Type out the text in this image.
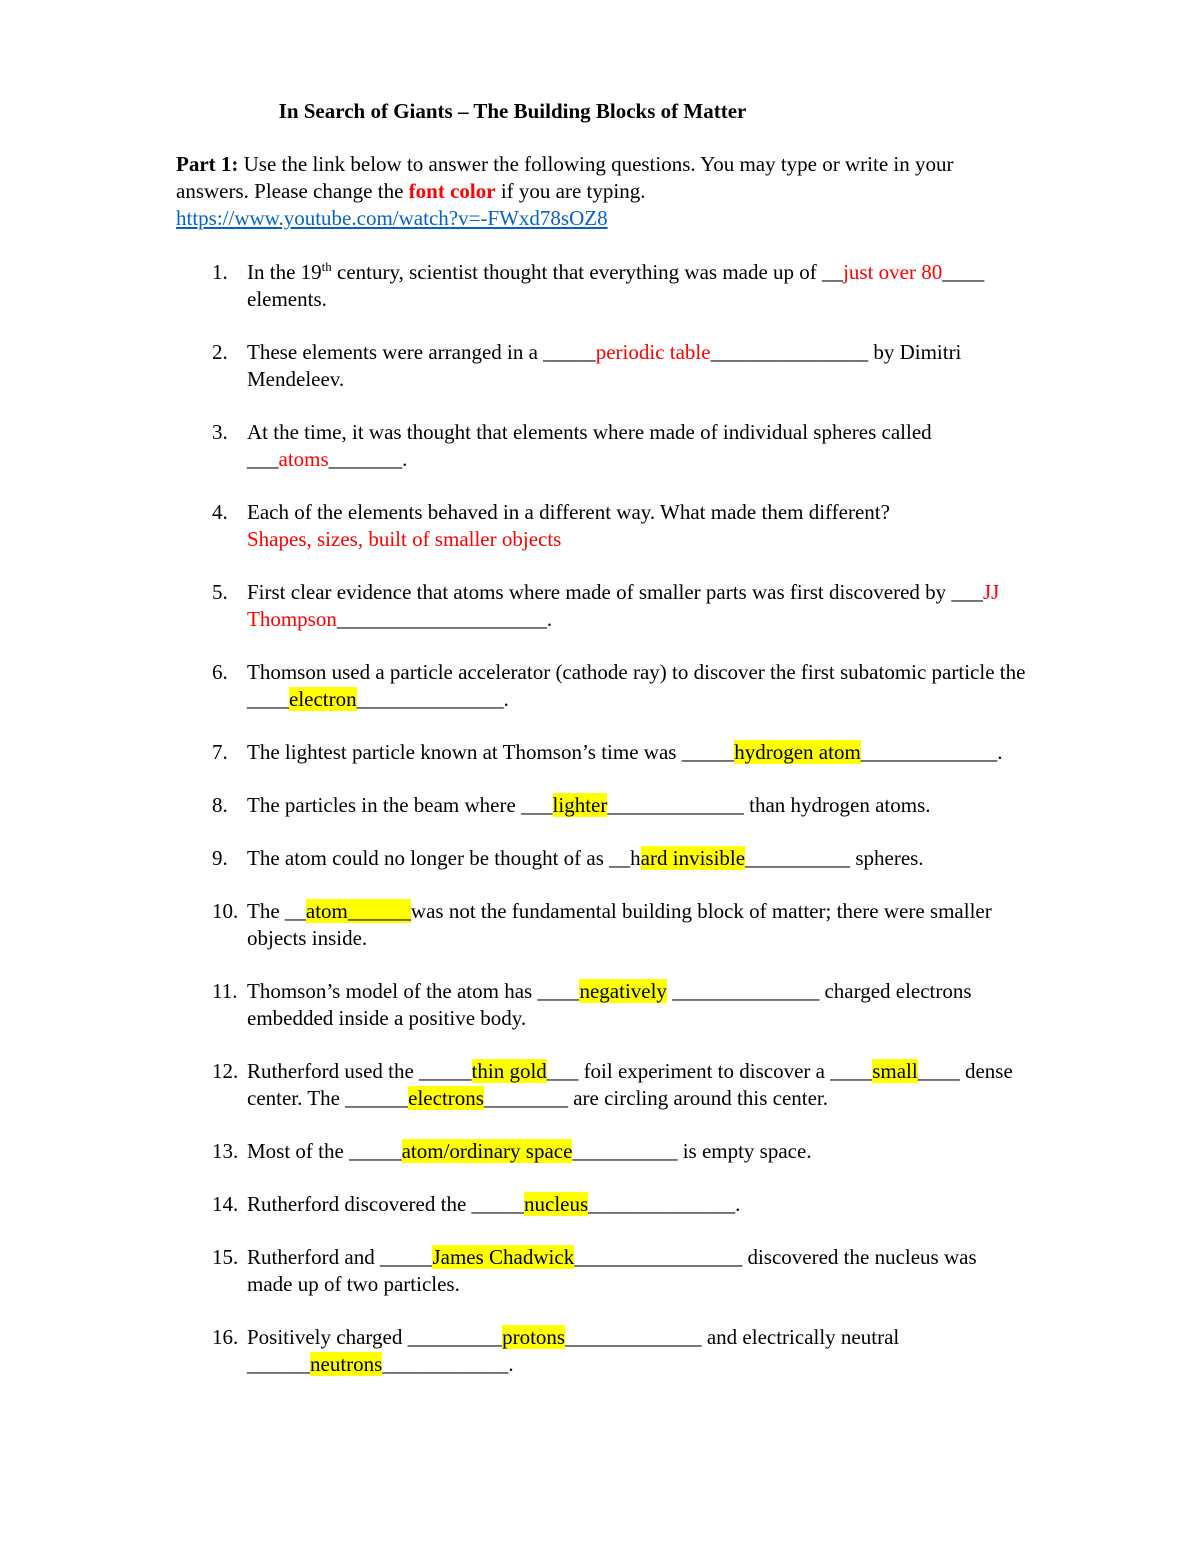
In Search of Giants – The Building Blocks of Matter

Part 1: Use the link below to answer the following questions. You may type or write in your answers. Please change the font color if you are typing.
https://www.youtube.com/watch?v=-FWxd78sOZ8

1. In the 19th century, scientist thought that everything was made up of __just over 80____ elements.
2. These elements were arranged in a _____periodic table_______________ by Dimitri Mendeleev.
3. At the time, it was thought that elements where made of individual spheres called ___atoms_______.
4. Each of the elements behaved in a different way. What made them different?
Shapes, sizes, built of smaller objects
5. First clear evidence that atoms where made of smaller parts was first discovered by ___JJ Thompson____________________.
6. Thomson used a particle accelerator (cathode ray) to discover the first subatomic particle the ____electron______________.
7. The lightest particle known at Thomson’s time was _____hydrogen atom_____________.
8. The particles in the beam where ___lighter_____________ than hydrogen atoms.
9. The atom could no longer be thought of as __hard invisible__________ spheres.
10. The __atom______was not the fundamental building block of matter; there were smaller objects inside.
11. Thomson’s model of the atom has ____negatively ______________ charged electrons embedded inside a positive body.
12. Rutherford used the _____thin gold___ foil experiment to discover a ____small____ dense center. The ______electrons________ are circling around this center.
13. Most of the _____atom/ordinary space__________ is empty space.
14. Rutherford discovered the _____nucleus______________.
15. Rutherford and _____James Chadwick________________ discovered the nucleus was made up of two particles.
16. Positively charged _________protons_____________ and electrically neutral ______neutrons____________.
